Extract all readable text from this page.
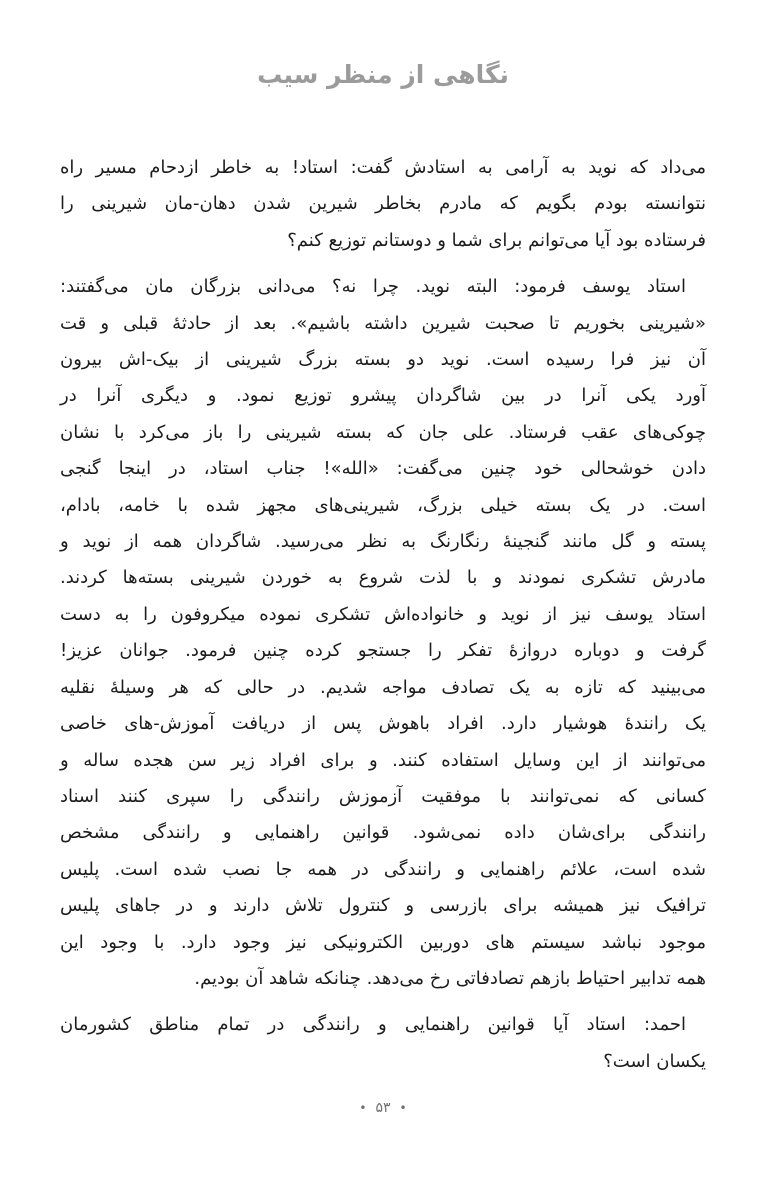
نگاهی از منظر سیب
می‌داد که نوید به آرامی به استادش گفت: استاد! به خاطر ازدحام مسیر راه
نتوانسته بودم بگویم که مادرم بخاطر شیرین شدن دهان-مان شیرینی را
فرستاده بود آیا می‌توانم برای شما و دوستانم توزیع کنم؟
استاد یوسف فرمود: البته نوید. چرا نه؟ می‌دانی بزرگان مان می‌گفتند:
«شیرینی بخوریم تا صحبت شیرین داشته باشیم». بعد از حادثهٔ قبلی و قت
آن نیز فرا رسیده است. نوید دو بسته بزرگ شیرینی از بیک-اش بیرون
آورد یکی آنرا در بین شاگردان پیشرو توزیع نمود. و دیگری آنرا در
چوکی‌های عقب فرستاد. علی جان که بسته شیرینی را باز می‌کرد با نشان
دادن خوشحالی خود چنین می‌گفت: «الله»! جناب استاد، در اینجا گنجی
است. در یک بسته خیلی بزرگ، شیرینی‌های مجهز شده با خامه، بادام،
پسته و گل مانند گنجینهٔ رنگارنگ به نظر می‌رسید. شاگردان همه از نوید و
مادرش تشکری نمودند و با لذت شروع به خوردن شیرینی بسته‌ها کردند.
استاد یوسف نیز از نوید و خانواده‌اش تشکری نموده میکروفون را به دست
گرفت و دوباره دروازهٔ تفکر را جستجو کرده چنین فرمود. جوانان عزیز!
می‌بینید که تازه به یک تصادف مواجه شدیم. در حالی که هر وسیلهٔ نقلیه
یک رانندهٔ هوشیار دارد. افراد باهوش پس از دریافت آموزش-های خاصی
می‌توانند از این وسایل استفاده کنند. و برای افراد زیر سن هجده ساله و
کسانی که نمی‌توانند با موفقیت آزموزش رانندگی را سپری کنند اسناد
رانندگی برای‌شان داده نمی‌شود. قوانین راهنمایی و رانندگی مشخص
شده است، علائم راهنمایی و رانندگی در همه جا نصب شده است. پلیس
ترافیک نیز همیشه برای بازرسی و کنترول تلاش دارند و در جاهای پلیس
موجود نباشد سیستم های دوربین الکترونیکی نیز وجود دارد. با وجود این
همه تدابیر احتیاط بازهم تصادفاتی رخ می‌دهد. چنانکه شاهد آن بودیم.
احمد: استاد آیا قوانین راهنمایی و رانندگی در تمام مناطق کشورمان
یکسان است؟
•۵۳•
